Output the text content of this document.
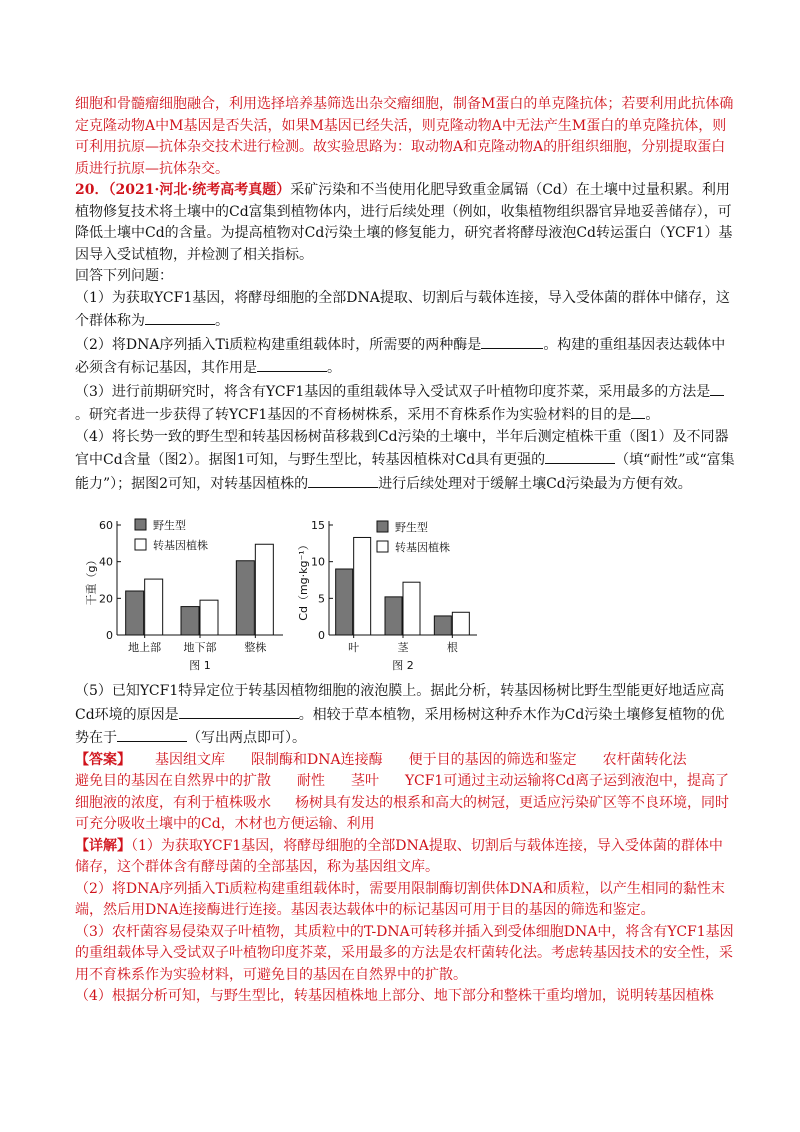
细胞和骨髓瘤细胞融合，利用选择培养基筛选出杂交瘤细胞，制备M蛋白的单克隆抗体；若要利用此抗体确定克隆动物A中M基因是否失活，如果M基因已经失活，则克隆动物A中无法产生M蛋白的单克隆抗体，则可利用抗原—抗体杂交技术进行检测。故实验思路为：取动物A和克隆动物A的肝组织细胞，分别提取蛋白质进行抗原—抗体杂交。

20．（2021·河北·统考高考真题）采矿污染和不当使用化肥导致重金属镉（Cd）在土壤中过量积累。利用植物修复技术将土壤中的Cd富集到植物体内，进行后续处理（例如，收集植物组织器官异地妥善储存），可降低土壤中Cd的含量。为提高植物对Cd污染土壤的修复能力，研究者将酵母液泡Cd转运蛋白（YCF1）基因导入受试植物，并检测了相关指标。

回答下列问题：

（1）为获取YCF1基因，将酵母细胞的全部DNA提取、切割后与载体连接，导入受体菌的群体中储存，这个群体称为	。

（2）将DNA序列插入Ti质粒构建重组载体时，所需要的两种酶是	。构建的重组基因表达载体中必须含有标记基因，其作用是	。

（3）进行前期研究时，将含有YCF1基因的重组载体导入受试双子叶植物印度芥菜，采用最多的方法是。研究者进一步获得了转YCF1基因的不育杨树株系，采用不育株系作为实验材料的目的是 。

（4）将长势一致的野生型和转基因杨树苗移栽到Cd污染的土壤中，半年后测定植株干重（图1）及不同器官中Cd含量（图2）。据图1可知，与野生型比，转基因植株对Cd具有更强的	（填“耐性”或“富集能力”）；据图2可知，对转基因植株的	进行后续处理对于缓解土壤Cd污染最为方便有效。

0
20
40
60
干重（g）
地上部 地下部	整株
野生型
转基因植株
图 1
0
5
10
15
Cd（mg·kg⁻¹）
叶	茎	根
野生型
转基因植株
图 2

（5）已知YCF1特异定位于转基因植物细胞的液泡膜上。据此分析，转基因杨树比野生型能更好地适应高Cd环境的原因是	。相较于草本植物，采用杨树这种乔木作为Cd污染土壤修复植物的优势在于	（写出两点即可）。

【答案】 基因组文库 限制酶和DNA连接酶 便于目的基因的筛选和鉴定 农杆菌转化法避免目的基因在自然界中的扩散 耐性 茎叶 YCF1可通过主动运输将Cd离子运到液泡中，提高了细胞液的浓度，有利于植株吸水 杨树具有发达的根系和高大的树冠，更适应污染矿区等不良环境，同时可充分吸收土壤中的Cd，木材也方便运输、利用

【详解】（1）为获取YCF1基因，将酵母细胞的全部DNA提取、切割后与载体连接，导入受体菌的群体中储存，这个群体含有酵母菌的全部基因，称为基因组文库。

（2）将DNA序列插入Ti质粒构建重组载体时，需要用限制酶切割供体DNA和质粒，以产生相同的黏性末端，然后用DNA连接酶进行连接。基因表达载体中的标记基因可用于目的基因的筛选和鉴定。

（3）农杆菌容易侵染双子叶植物，其质粒中的T-DNA可转移并插入到受体细胞DNA中，将含有YCF1基因的重组载体导入受试双子叶植物印度芥菜，采用最多的方法是农杆菌转化法。考虑转基因技术的安全性，采用不育株系作为实验材料，可避免目的基因在自然界中的扩散。

（4）根据分析可知，与野生型比，转基因植株地上部分、地下部分和整株干重均增加，说明转基因植株
